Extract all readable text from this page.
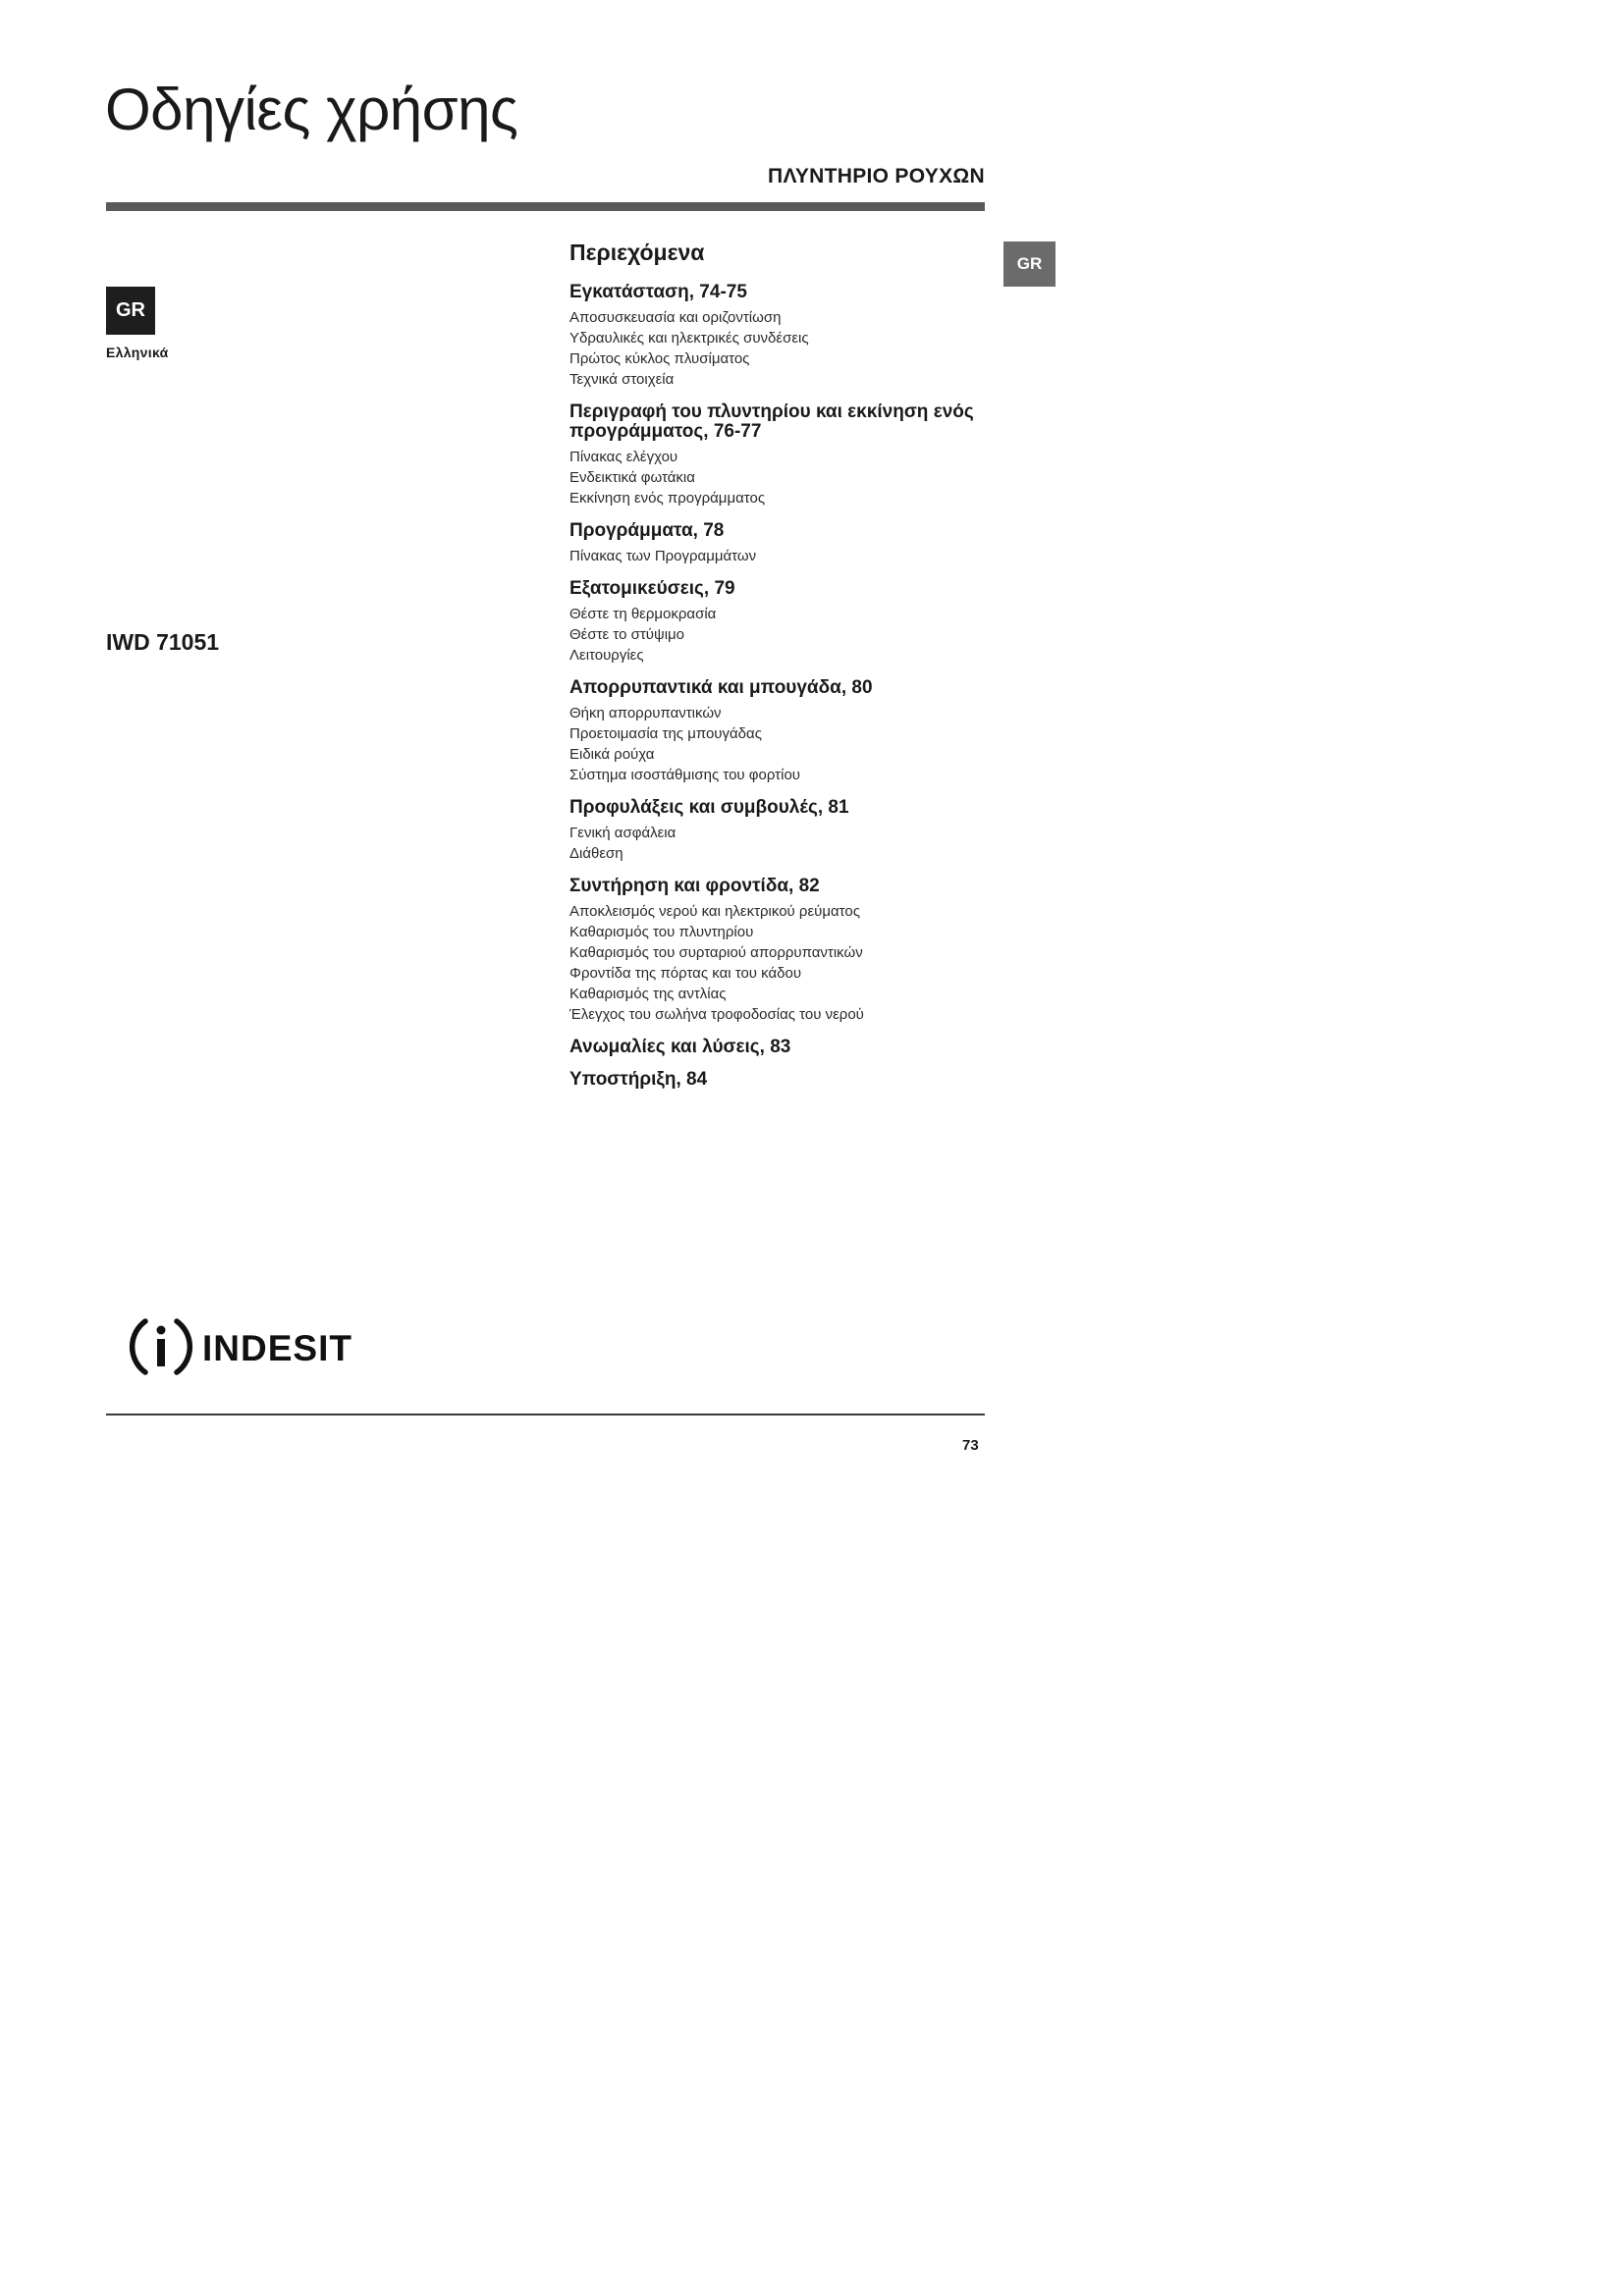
Οδηγίες χρήσης
ΠΛΥΝΤΗΡΙΟ ΡΟΥΧΩΝ
GR
GR
Ελληνικά
IWD 71051
Περιεχόμενα
Εγκατάσταση, 74-75
Αποσυσκευασία και οριζοντίωση
Υδραυλικές και ηλεκτρικές συνδέσεις
Πρώτος κύκλος πλυσίματος
Τεχνικά στοιχεία
Περιγραφή του πλυντηρίου και εκκίνηση ενός προγράμματος, 76-77
Πίνακας ελέγχου
Ενδεικτικά φωτάκια
Εκκίνηση ενός προγράμματος
Προγράμματα, 78
Πίνακας των Προγραμμάτων
Εξατομικεύσεις, 79
Θέστε τη θερμοκρασία
Θέστε το στύψιμο
Λειτουργίες
Απορρυπαντικά και μπουγάδα, 80
Θήκη απορρυπαντικών
Προετοιμασία της μπουγάδας
Ειδικά ρούχα
Σύστημα ισοστάθμισης του φορτίου
Προφυλάξεις και συμβουλές, 81
Γενική ασφάλεια
Διάθεση
Συντήρηση και φροντίδα, 82
Αποκλεισμός νερού και ηλεκτρικού ρεύματος
Καθαρισμός του πλυντηρίου
Καθαρισμός του συρταριού απορρυπαντικών
Φροντίδα της πόρτας και του κάδου
Καθαρισμός της αντλίας
Έλεγχος του σωλήνα τροφοδοσίας του νερού
Ανωμαλίες και λύσεις, 83
Υποστήριξη, 84
INDESIT
73
